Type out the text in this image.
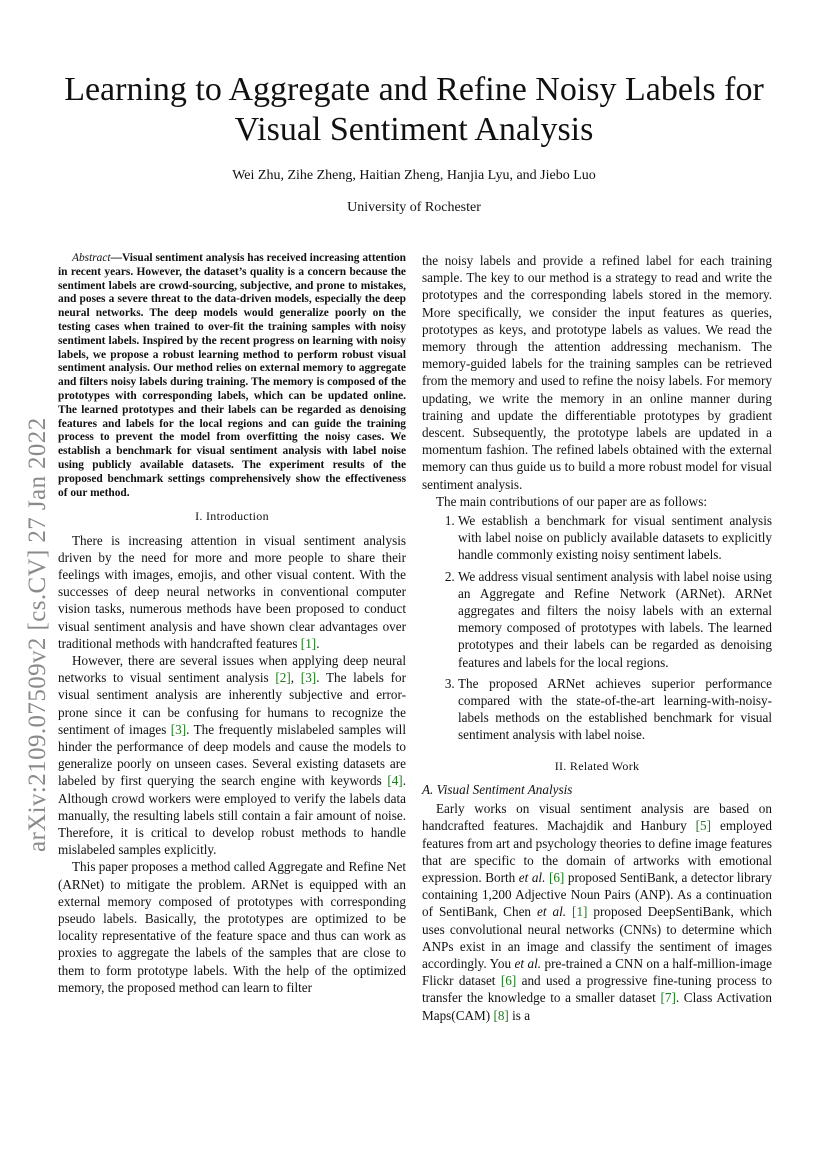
Learning to Aggregate and Refine Noisy Labels for Visual Sentiment Analysis
Wei Zhu, Zihe Zheng, Haitian Zheng, Hanjia Lyu, and Jiebo Luo
University of Rochester
arXiv:2109.07509v2 [cs.CV] 27 Jan 2022

Abstract—Visual sentiment analysis has received increasing attention in recent years. However, the dataset’s quality is a concern because the sentiment labels are crowd-sourcing, subjective, and prone to mistakes, and poses a severe threat to the data-driven models, especially the deep neural networks. The deep models would generalize poorly on the testing cases when trained to over-fit the training samples with noisy sentiment labels. Inspired by the recent progress on learning with noisy labels, we propose a robust learning method to perform robust visual sentiment analysis. Our method relies on external memory to aggregate and filters noisy labels during training. The memory is composed of the prototypes with corresponding labels, which can be updated online. The learned prototypes and their labels can be regarded as denoising features and labels for the local regions and can guide the training process to prevent the model from overfitting the noisy cases. We establish a benchmark for visual sentiment analysis with label noise using publicly available datasets. The experiment results of the proposed benchmark settings comprehensively show the effectiveness of our method.

I. Introduction

There is increasing attention in visual sentiment analysis driven by the need for more and more people to share their feelings with images, emojis, and other visual content. With the successes of deep neural networks in conventional computer vision tasks, numerous methods have been proposed to conduct visual sentiment analysis and have shown clear advantages over traditional methods with handcrafted features [1].

However, there are several issues when applying deep neural networks to visual sentiment analysis [2], [3]. The labels for visual sentiment analysis are inherently subjective and error-prone since it can be confusing for humans to recognize the sentiment of images [3]. The frequently mislabeled samples will hinder the performance of deep models and cause the models to generalize poorly on unseen cases. Several existing datasets are labeled by first querying the search engine with keywords [4]. Although crowd workers were employed to verify the labels data manually, the resulting labels still contain a fair amount of noise. Therefore, it is critical to develop robust methods to handle mislabeled samples explicitly.

This paper proposes a method called Aggregate and Refine Net (ARNet) to mitigate the problem. ARNet is equipped with an external memory composed of prototypes with corresponding pseudo labels. Basically, the prototypes are optimized to be locality representative of the feature space and thus can work as proxies to aggregate the labels of the samples that are close to them to form prototype labels. With the help of the optimized memory, the proposed method can learn to filter

the noisy labels and provide a refined label for each training sample. The key to our method is a strategy to read and write the prototypes and the corresponding labels stored in the memory. More specifically, we consider the input features as queries, prototypes as keys, and prototype labels as values. We read the memory through the attention addressing mechanism. The memory-guided labels for the training samples can be retrieved from the memory and used to refine the noisy labels. For memory updating, we write the memory in an online manner during training and update the differentiable prototypes by gradient descent. Subsequently, the prototype labels are updated in a momentum fashion. The refined labels obtained with the external memory can thus guide us to build a more robust model for visual sentiment analysis.

The main contributions of our paper are as follows:

1. We establish a benchmark for visual sentiment analysis with label noise on publicly available datasets to explicitly handle commonly existing noisy sentiment labels.
2. We address visual sentiment analysis with label noise using an Aggregate and Refine Network (ARNet). ARNet aggregates and filters the noisy labels with an external memory composed of prototypes with labels. The learned prototypes and their labels can be regarded as denoising features and labels for the local regions.
3. The proposed ARNet achieves superior performance compared with the state-of-the-art learning-with-noisy-labels methods on the established benchmark for visual sentiment analysis with label noise.
II. Related Work
A. Visual Sentiment Analysis

Early works on visual sentiment analysis are based on handcrafted features. Machajdik and Hanbury [5] employed features from art and psychology theories to define image features that are specific to the domain of artworks with emotional expression. Borth et al. [6] proposed SentiBank, a detector library containing 1,200 Adjective Noun Pairs (ANP). As a continuation of SentiBank, Chen et al. [1] proposed DeepSentiBank, which uses convolutional neural networks (CNNs) to determine which ANPs exist in an image and classify the sentiment of images accordingly. You et al. pre-trained a CNN on a half-million-image Flickr dataset [6] and used a progressive fine-tuning process to transfer the knowledge to a smaller dataset [7]. Class Activation Maps(CAM) [8] is a
